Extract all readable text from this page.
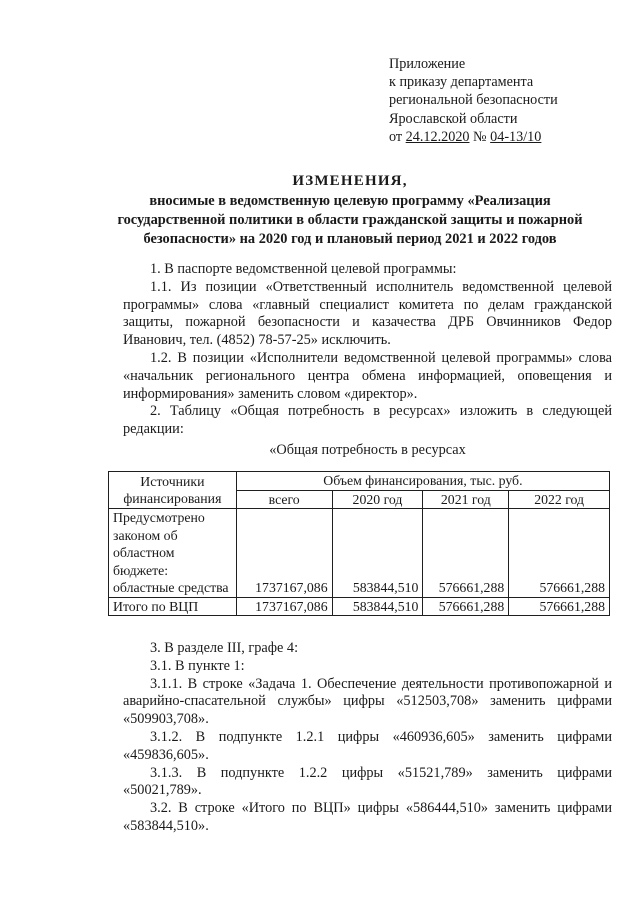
Приложение
к приказу департамента
региональной безопасности
Ярославской области
от 24.12.2020 № 04-13/10
ИЗМЕНЕНИЯ,
вносимые в ведомственную целевую программу «Реализация
государственной политики в области гражданской защиты и пожарной
безопасности» на 2020 год и плановый период 2021 и 2022 годов

1. В паспорте ведомственной целевой программы:

1.1. Из позиции «Ответственный исполнитель ведомственной целевой программы» слова «главный специалист комитета по делам гражданской защиты, пожарной безопасности и казачества ДРБ Овчинников Федор Иванович, тел. (4852) 78-57-25» исключить.

1.2. В позиции «Исполнители ведомственной целевой программы» слова «начальник регионального центра обмена информацией, оповещения и информирования» заменить словом «директор».

2. Таблицу «Общая потребность в ресурсах» изложить в следующей редакции:

«Общая потребность в ресурсах
Источники финансирования	Объем финансирования, тыс. руб.			
	всего	2020 год	2021 год	2022 год
Предусмотрено законом об областном бюджете: областные средства	1737167,086	583844,510	576661,288	576661,288
Итого по ВЦП	1737167,086	583844,510	576661,288	576661,288

3. В разделе III, графе 4:

3.1. В пункте 1:

3.1.1. В строке «Задача 1. Обеспечение деятельности противопожарной и аварийно-спасательной службы» цифры «512503,708» заменить цифрами «509903,708».

3.1.2. В подпункте 1.2.1 цифры «460936,605» заменить цифрами «459836,605».

3.1.3. В подпункте 1.2.2 цифры «51521,789» заменить цифрами «50021,789».

3.2. В строке «Итого по ВЦП» цифры «586444,510» заменить цифрами «583844,510».
